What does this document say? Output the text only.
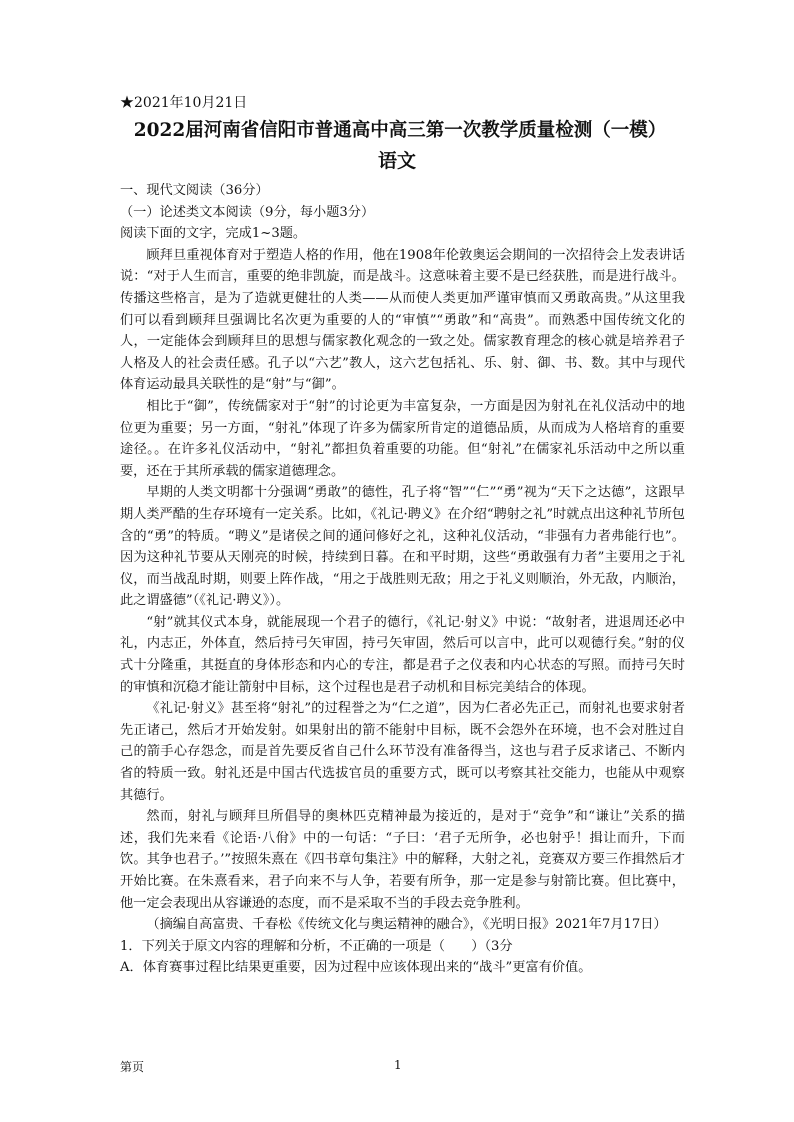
★2021年10月21日
2022届河南省信阳市普通高中高三第一次教学质量检测（一模）
语文

一、现代文阅读（36分）

（一）论述类文本阅读（9分，每小题3分）

阅读下面的文字，完成1~3题。

顾拜旦重视体育对于塑造人格的作用，他在1908年伦敦奥运会期间的一次招待会上发表讲话说：“对于人生而言，重要的绝非凯旋，而是战斗。这意味着主要不是已经获胜，而是进行战斗。传播这些格言，是为了造就更健壮的人类——从而使人类更加严谨审慎而又勇敢高贵。”从这里我们可以看到顾拜旦强调比名次更为重要的人的“审慎”“勇敢”和“高贵”。而熟悉中国传统文化的人，一定能体会到顾拜旦的思想与儒家教化观念的一致之处。儒家教育理念的核心就是培养君子人格及人的社会责任感。孔子以“六艺”教人，这六艺包括礼、乐、射、御、书、数。其中与现代体育运动最具关联性的是“射”与“御”。

相比于“御”，传统儒家对于“射”的讨论更为丰富复杂，一方面是因为射礼在礼仪活动中的地位更为重要；另一方面，“射礼”体现了许多为儒家所肯定的道德品质，从而成为人格培育的重要途径。。在许多礼仪活动中，“射礼”都担负着重要的功能。但“射礼”在儒家礼乐活动中之所以重要，还在于其所承载的儒家道德理念。

早期的人类文明都十分强调“勇敢”的德性，孔子将“智”“仁”“勇”视为“天下之达德”，这跟早期人类严酷的生存环境有一定关系。比如，《礼记·聘义》在介绍“聘射之礼”时就点出这种礼节所包含的“勇”的特质。“聘义”是诸侯之间的通问修好之礼，这种礼仪活动，“非强有力者弗能行也”。因为这种礼节要从天刚亮的时候，持续到日暮。在和平时期，这些“勇敢强有力者”主要用之于礼仪，而当战乱时期，则要上阵作战，“用之于战胜则无敌；用之于礼义则顺治，外无敌，内顺治，此之谓盛德”（《礼记·聘义》）。

“射”就其仪式本身，就能展现一个君子的德行，《礼记·射义》中说：“故射者，进退周还必中礼，内志正，外体直，然后持弓矢审固，持弓矢审固，然后可以言中，此可以观德行矣。”射的仪式十分隆重，其挺直的身体形态和内心的专注，都是君子之仪表和内心状态的写照。而持弓矢时的审慎和沉稳才能让箭射中目标，这个过程也是君子动机和目标完美结合的体现。

《礼记·射义》甚至将“射礼”的过程誉之为“仁之道”，因为仁者必先正己，而射礼也要求射者先正诸己，然后才开始发射。如果射出的箭不能射中目标，既不会怨外在环境，也不会对胜过自己的箭手心存怨念，而是首先要反省自己什么环节没有准备得当，这也与君子反求诸己、不断内省的特质一致。射礼还是中国古代选拔官员的重要方式，既可以考察其社交能力，也能从中观察其德行。

然而，射礼与顾拜旦所倡导的奥林匹克精神最为接近的，是对于“竞争”和“谦让”关系的描述，我们先来看《论语·八佾》中的一句话：“子曰：‘君子无所争，必也射乎！揖让而升，下而饮。其争也君子。’”按照朱熹在《四书章句集注》中的解释，大射之礼，竞赛双方要三作揖然后才开始比赛。在朱熹看来，君子向来不与人争，若要有所争，那一定是参与射箭比赛。但比赛中，他一定会表现出从容谦逊的态度，而不是采取不当的手段去竞争胜利。

（摘编自高富贵、千春松《传统文化与奥运精神的融合》，《光明日报》2021年7月17日）

1．下列关于原文内容的理解和分析，不正确的一项是（　　）（3分

A．体育赛事过程比结果更重要，因为过程中应该体现出来的“战斗”更富有价值。

第页	1
